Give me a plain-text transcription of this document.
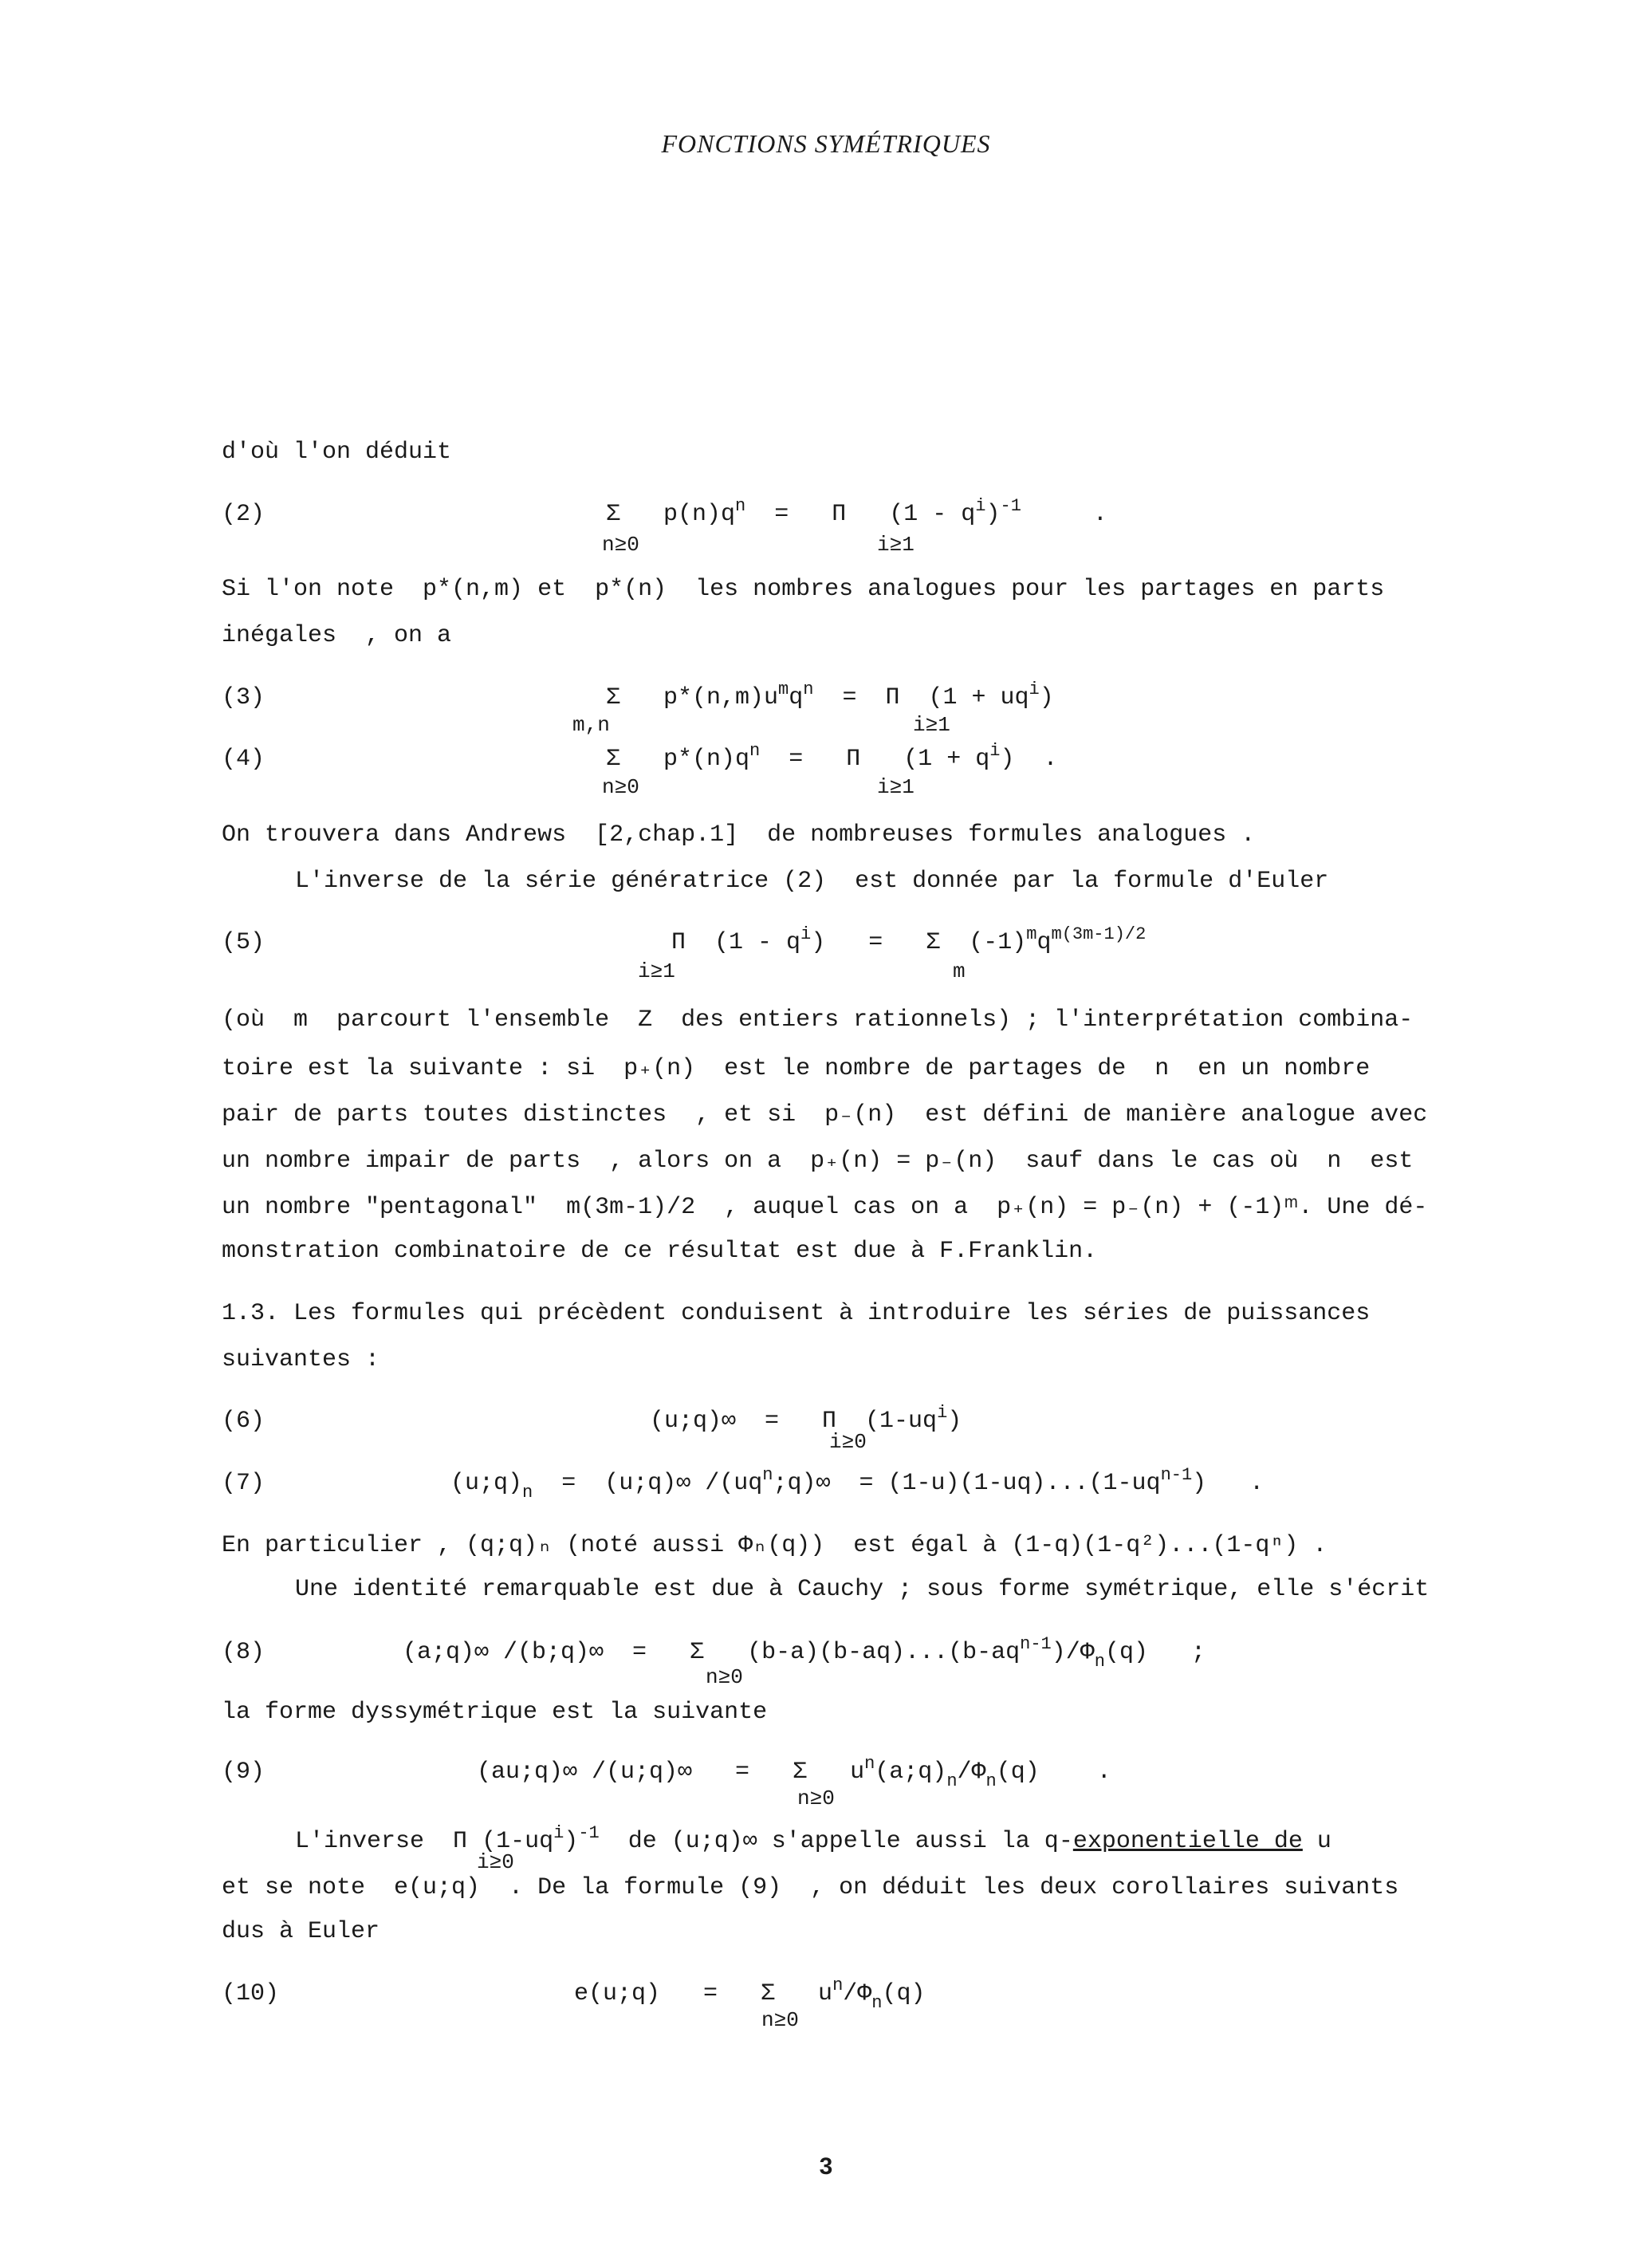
FONCTIONS SYMÉTRIQUES
d'où l'on déduit
(2)	Σ   $p(n)q^n = \Pi$   $(1 - q^i)^{-1}$     .
n≥0	i≥1
Si l'on note  p*(n,m) et  p*(n)  les nombres analogues pour les partages en parts
inégales  , on a
(3)	Σ   $p*(n,m)u^mq^n = \Pi$  $(1 + uq^i)$
m,n	i≥1
(4)	Σ   $p*(n)q^n = \Pi$   $(1 + q^i)$  .
n≥0	i≥1
On trouvera dans Andrews  [2,chap.1]  de nombreuses formules analogues .
L'inverse de la série génératrice (2)  est donnée par la formule d'Euler
(5)	Π  $(1 - q^i) = \Sigma$  $(-1)^mq^{m(3m-1)/2}$
i≥1	m
(où  m  parcourt l'ensemble  Z  des entiers rationnels) ; l'interprétation combina-
toire est la suivante : si  p₊(n)  est le nombre de partages de  n  en un nombre
pair de parts toutes distinctes  , et si  p₋(n)  est défini de manière analogue avec
un nombre impair de parts  , alors on a  p₊(n) = p₋(n)  sauf dans le cas où  n  est
un nombre "pentagonal"  m(3m-1)/2  , auquel cas on a  p₊(n) = p₋(n) + (-1)ᵐ. Une dé-
monstration combinatoire de ce résultat est due à F.Franklin.
1.3. Les formules qui précèdent conduisent à introduire les séries de puissances
suivantes :
(6)	(u;q)∞  =   Π  $(1-uq^i)$
i≥0
(7)	$(u;q)_n$  =  (u;q)∞ $/(uq^n;q)\infty = (1-u)(1-uq)...(1-uq^{n-1})$   .
En particulier , (q;q)ₙ (noté aussi Φₙ(q))  est égal à (1-q)(1-q²)...(1-qⁿ) .
Une identité remarquable est due à Cauchy ; sous forme symétrique, elle s'écrit
(8)	(a;q)∞ /(b;q)∞  =   Σ   $(b-a)(b-aq)...(b-aq^{n-1})/\Phi_n(q)$   ;
n≥0
la forme dyssymétrique est la suivante
(9)	(au;q)∞ /(u;q)∞   =   Σ   $u^n(a;q)_n/\Phi_n(q)$    .
n≥0
L'inverse  Π $(1-uq^i)^{-1}$  de (u;q)∞ s'appelle aussi la q-exponentielle de u
i≥0
et se note  e(u;q)  . De la formule (9)  , on déduit les deux corollaires suivants
dus à Euler
(10)	e(u;q)   =   Σ   $u^n/\Phi_n(q)$
n≥0
3
